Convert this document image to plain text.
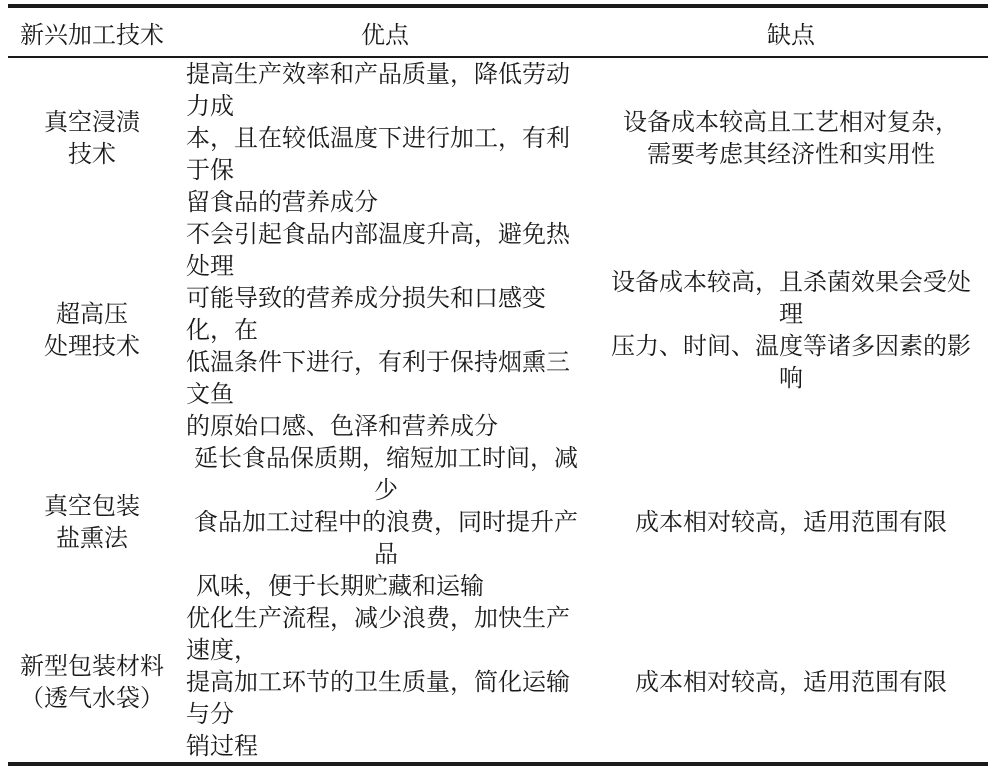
新兴加工技术	优点	缺点
真空浸渍
技术	提高生产效率和产品质量，降低劳动力成
本，且在较低温度下进行加工，有利于保
留食品的营养成分	设备成本较高且工艺相对复杂，
需要考虑其经济性和实用性

超高压
处理技术	不会引起食品内部温度升高，避免热处理
可能导致的营养成分损失和口感变化，在
低温条件下进行，有利于保持烟熏三文鱼
的原始口感、色泽和营养成分	设备成本较高，且杀菌效果会受处理
压力、时间、温度等诸多因素的影响

真空包装
盐熏法	延长食品保质期，缩短加工时间，减少
食品加工过程中的浪费，同时提升产品
风味，便于长期贮藏和运输	成本相对较高，适用范围有限

新型包装材料
（透气水袋）	优化生产流程，减少浪费，加快生产速度，
提高加工环节的卫生质量，简化运输与分
销过程	成本相对较高，适用范围有限
